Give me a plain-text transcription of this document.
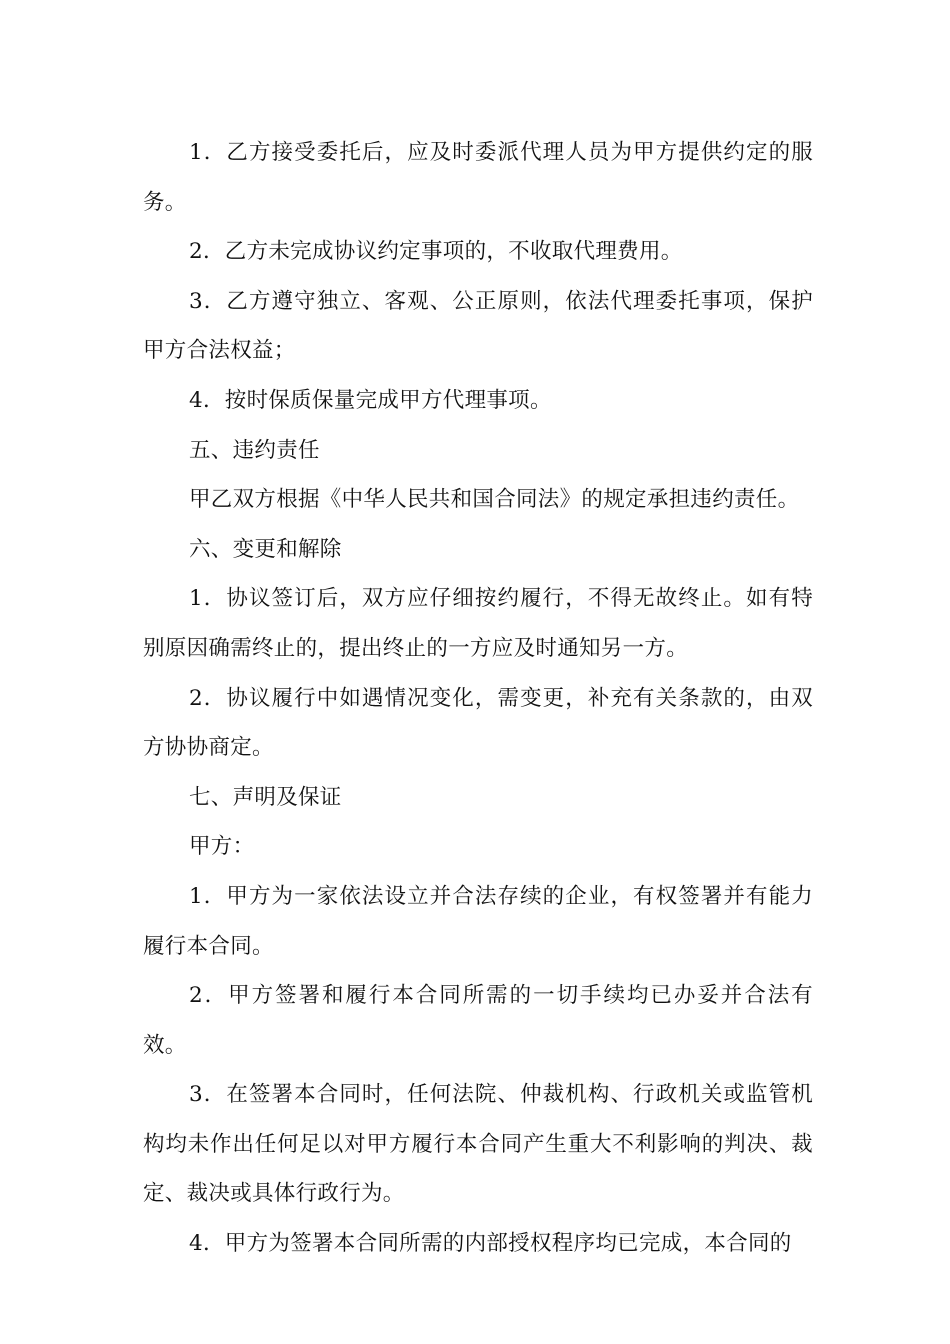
1．乙方接受委托后，应及时委派代理人员为甲方提供约定的服务。

2．乙方未完成协议约定事项的，不收取代理费用。

3．乙方遵守独立、客观、公正原则，依法代理委托事项，保护甲方合法权益；

4．按时保质保量完成甲方代理事项。

五、违约责任

甲乙双方根据《中华人民共和国合同法》的规定承担违约责任。

六、变更和解除

1．协议签订后，双方应仔细按约履行，不得无故终止。如有特别原因确需终止的，提出终止的一方应及时通知另一方。

2．协议履行中如遇情况变化，需变更，补充有关条款的，由双方协协商定。

七、声明及保证

甲方：

1．甲方为一家依法设立并合法存续的企业，有权签署并有能力履行本合同。

2．甲方签署和履行本合同所需的一切手续均已办妥并合法有效。

3．在签署本合同时，任何法院、仲裁机构、行政机关或监管机构均未作出任何足以对甲方履行本合同产生重大不利影响的判决、裁定、裁决或具体行政行为。

4．甲方为签署本合同所需的内部授权程序均已完成，本合同的
